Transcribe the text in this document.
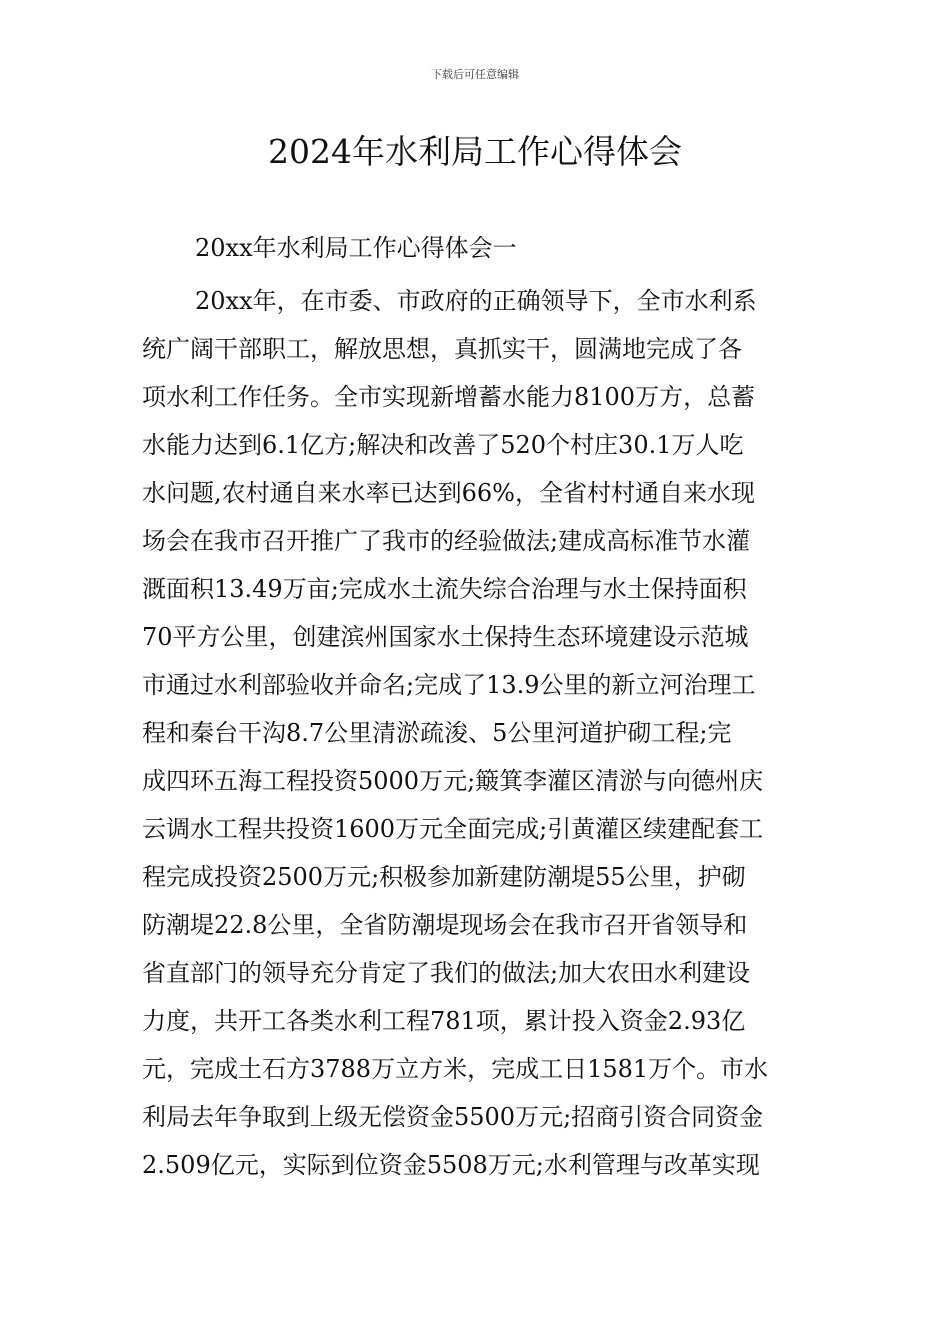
下载后可任意编辑
2024年水利局工作心得体会

20xx年水利局工作心得体会一

20xx年，在市委、市政府的正确领导下，全市水利系
统广阔干部职工，解放思想，真抓实干，圆满地完成了各
项水利工作任务。全市实现新增蓄水能力8100万方，总蓄
水能力达到6.1亿方;解决和改善了520个村庄30.1万人吃
水问题,农村通自来水率已达到66%，全省村村通自来水现
场会在我市召开推广了我市的经验做法;建成高标准节水灌
溉面积13.49万亩;完成水土流失综合治理与水土保持面积
70平方公里，创建滨州国家水土保持生态环境建设示范城
市通过水利部验收并命名;完成了13.9公里的新立河治理工
程和秦台干沟8.7公里清淤疏浚、5公里河道护砌工程;完
成四环五海工程投资5000万元;簸箕李灌区清淤与向德州庆
云调水工程共投资1600万元全面完成;引黄灌区续建配套工
程完成投资2500万元;积极参加新建防潮堤55公里，护砌
防潮堤22.8公里，全省防潮堤现场会在我市召开省领导和
省直部门的领导充分肯定了我们的做法;加大农田水利建设
力度，共开工各类水利工程781项，累计投入资金2.93亿
元，完成土石方3788万立方米，完成工日1581万个。市水
利局去年争取到上级无偿资金5500万元;招商引资合同资金
2.509亿元，实际到位资金5508万元;水利管理与改革实现
